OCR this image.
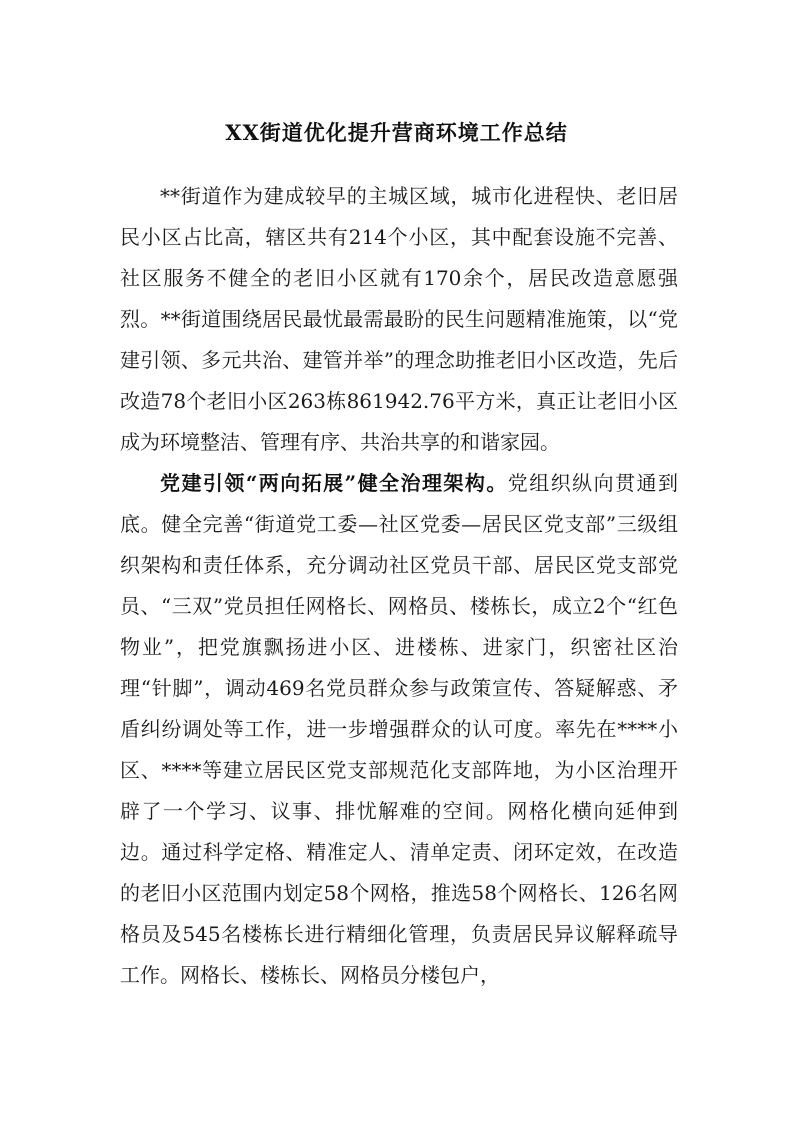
XX街道优化提升营商环境工作总结

**街道作为建成较早的主城区域，城市化进程快、老旧居民小区占比高，辖区共有214个小区，其中配套设施不完善、社区服务不健全的老旧小区就有170余个，居民改造意愿强烈。**街道围绕居民最忧最需最盼的民生问题精准施策，以“党建引领、多元共治、建管并举”的理念助推老旧小区改造，先后改造78个老旧小区263栋861942.76平方米，真正让老旧小区成为环境整洁、管理有序、共治共享的和谐家园。

党建引领“两向拓展”健全治理架构。党组织纵向贯通到底。健全完善“街道党工委—社区党委—居民区党支部”三级组织架构和责任体系，充分调动社区党员干部、居民区党支部党员、“三双”党员担任网格长、网格员、楼栋长，成立2个“红色物业”，把党旗飘扬进小区、进楼栋、进家门，织密社区治理“针脚”，调动469名党员群众参与政策宣传、答疑解惑、矛盾纠纷调处等工作，进一步增强群众的认可度。率先在****小区、****等建立居民区党支部规范化支部阵地，为小区治理开辟了一个学习、议事、排忧解难的空间。网格化横向延伸到边。通过科学定格、精准定人、清单定责、闭环定效，在改造的老旧小区范围内划定58个网格，推选58个网格长、126名网格员及545名楼栋长进行精细化管理，负责居民异议解释疏导工作。网格长、楼栋长、网格员分楼包户，
